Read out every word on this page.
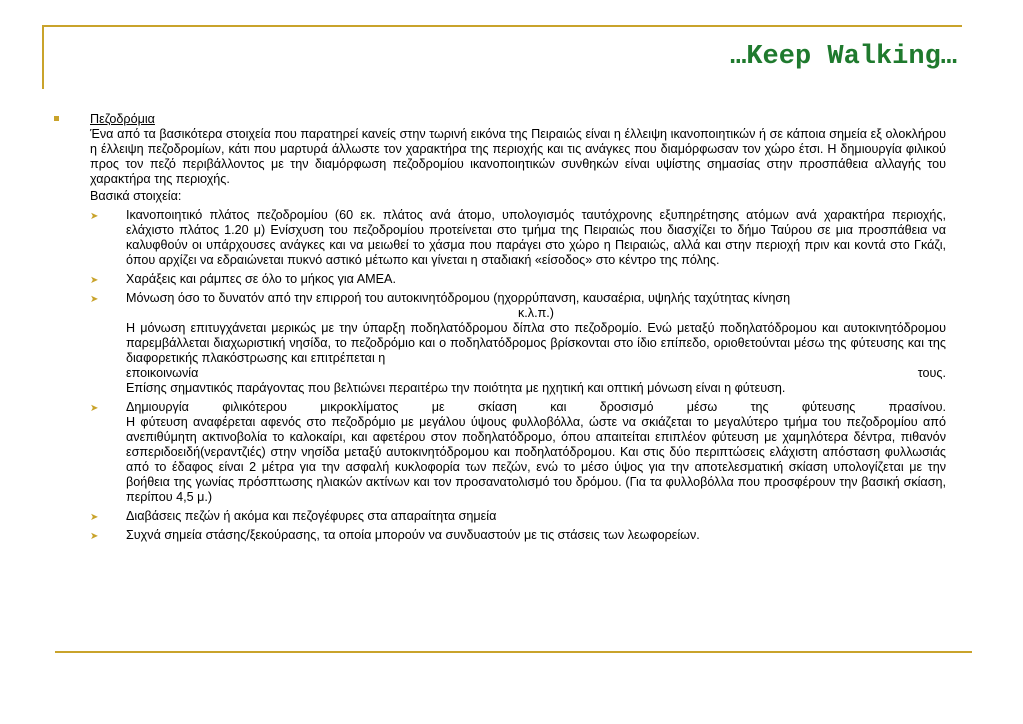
…Keep Walking…
Πεζοδρόμια
Ένα από τα βασικότερα στοιχεία που παρατηρεί κανείς στην τωρινή εικόνα της Πειραιώς είναι η έλλειψη ικανοποιητικών ή σε κάποια σημεία εξ ολοκλήρου η έλλειψη πεζοδρομίων, κάτι που μαρτυρά άλλωστε τον χαρακτήρα της περιοχής και τις ανάγκες που διαμόρφωσαν τον χώρο έτσι. Η δημιουργία φιλικού προς τον πεζό περιβάλλοντος με την διαμόρφωση πεζοδρομίου ικανοποιητικών συνθηκών είναι υψίστης σημασίας στην προσπάθεια αλλαγής του χαρακτήρα της περιοχής.
Βασικά στοιχεία:
➤ Ικανοποιητικό πλάτος πεζοδρομίου (60 εκ. πλάτος ανά άτομο, υπολογισμός ταυτόχρονης εξυπηρέτησης ατόμων ανά χαρακτήρα περιοχής, ελάχιστο πλάτος 1.20 μ) Ενίσχυση του πεζοδρομίου προτείνεται στο τμήμα της Πειραιώς που διασχίζει το δήμο Ταύρου σε μια προσπάθεια να καλυφθούν οι υπάρχουσες ανάγκες και να μειωθεί το χάσμα που παράγει στο χώρο η Πειραιώς, αλλά και στην περιοχή πριν και κοντά στο Γκάζι, όπου αρχίζει να εδραιώνεται πυκνό αστικό μέτωπο και γίνεται η σταδιακή «είσοδος» στο κέντρο της πόλης.
➤ Χαράξεις και ράμπες σε όλο το μήκος για ΑΜΕΑ.
➤ Μόνωση όσο το δυνατόν από την επιρροή του αυτοκινητόδρομου (ηχορρύπανση, καυσαέρια, υψηλής ταχύτητας κίνηση
κ.λ.π.)
Η μόνωση επιτυγχάνεται μερικώς με την ύπαρξη ποδηλατόδρομου δίπλα στο πεζοδρομίο. Ενώ μεταξύ ποδηλατόδρομου και αυτοκινητόδρομου παρεμβάλλεται διαχωριστική νησίδα, το πεζοδρόμιο και ο ποδηλατόδρομος βρίσκονται στο ίδιο επίπεδο, οριοθετούνται μέσω της φύτευσης και της διαφορετικής πλακόστρωσης και επιτρέπεται η
εποικοινωνία	τους.
Επίσης σημαντικός παράγοντας που βελτιώνει περαιτέρω την ποιότητα με ηχητική και οπτική μόνωση είναι η φύτευση.
➤ Δημιουργία φιλικότερου μικροκλίματος με σκίαση και δροσισμό μέσω της φύτευσης πρασίνου.
Η φύτευση αναφέρεται αφενός στο πεζοδρόμιο με μεγάλου ύψους φυλλοβόλλα, ώστε να σκιάζεται το μεγαλύτερο τμήμα του πεζοδρομίου από ανεπιθύμητη ακτινοβολία το καλοκαίρι, και αφετέρου στον ποδηλατόδρομο, όπου απαιτείται επιπλέον φύτευση με χαμηλότερα δέντρα, πιθανόν εσπεριδοειδή(νεραντζιές) στην νησίδα μεταξύ αυτοκινητόδρομου και ποδηλατόδρομου. Και στις δύο περιπτώσεις ελάχιστη απόσταση φυλλωσιάς από το έδαφος είναι 2 μέτρα για την ασφαλή κυκλοφορία των πεζών, ενώ το μέσο ύψος για την αποτελεσματική σκίαση υπολογίζεται με την βοήθεια της γωνίας πρόσπτωσης ηλιακών ακτίνων και τον προσανατολισμό του δρόμου. (Για τα φυλλοβόλλα που προσφέρουν την βασική σκίαση, περίπου 4,5 μ.)
➤ Διαβάσεις πεζών ή ακόμα και πεζογέφυρες στα απαραίτητα σημεία
➤ Συχνά σημεία στάσης/ξεκούρασης, τα οποία μπορούν να συνδυαστούν με τις στάσεις των λεωφορείων.
